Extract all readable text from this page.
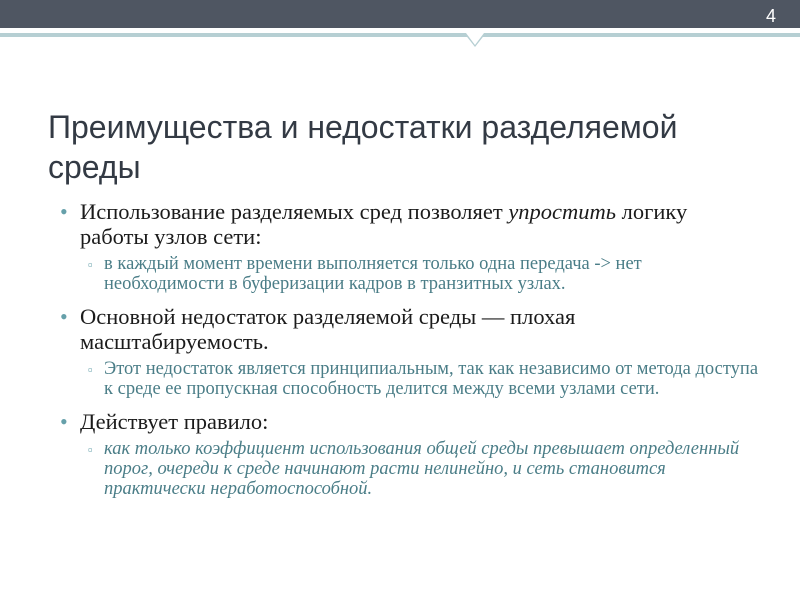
4
Преимущества и недостатки разделяемой среды
• Использование разделяемых сред позволяет упростить логику работы узлов сети:
▫ в каждый момент времени выполняется только одна передача -> нет необходимости в буферизации кадров в транзитных узлах.
• Основной недостаток разделяемой среды — плохая масштабируемость.
▫ Этот недостаток является принципиальным, так как независимо от метода доступа к среде ее пропускная способность делится между всеми узлами сети.
• Действует правило:
▫ как только коэффициент использования общей среды превышает определенный порог, очереди к среде начинают расти нелинейно, и сеть становится практически неработоспособной.
